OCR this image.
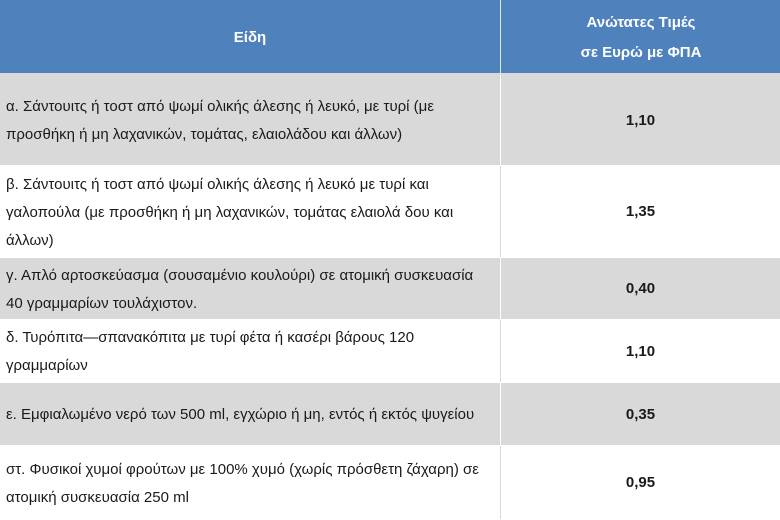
Είδη
Ανώτατες Τιμές
σε Ευρώ με ΦΠΑ
α. Σάντουιτς ή τοστ από ψωμί ολικής άλεσης ή λευκό, με τυρί (με προσθήκη ή μη λαχανικών, τομάτας, ελαιολάδου και άλλων)
1,10
β. Σάντουιτς ή τοστ από ψωμί ολικής άλεσης ή λευκό με τυρί και γαλοπούλα (με προσθήκη ή μη λαχανικών, τομάτας ελαιολά δου και άλλων)
1,35
γ. Απλό αρτοσκεύασμα (σουσαμένιο κουλούρι) σε ατομική συσκευασία 40 γραμμαρίων τουλάχιστον.
0,40
δ. Τυρόπιτα—σπανακόπιτα με τυρί φέτα ή κασέρι βάρους 120 γραμμαρίων
1,10
ε. Εμφιαλωμένο νερό των 500 ml, εγχώριο ή μη, εντός ή εκτός ψυγείου	0,35
στ. Φυσικοί χυμοί φρούτων με 100% χυμό (χωρίς πρόσθετη ζάχαρη) σε ατομική συσκευασία 250 ml
0,95
